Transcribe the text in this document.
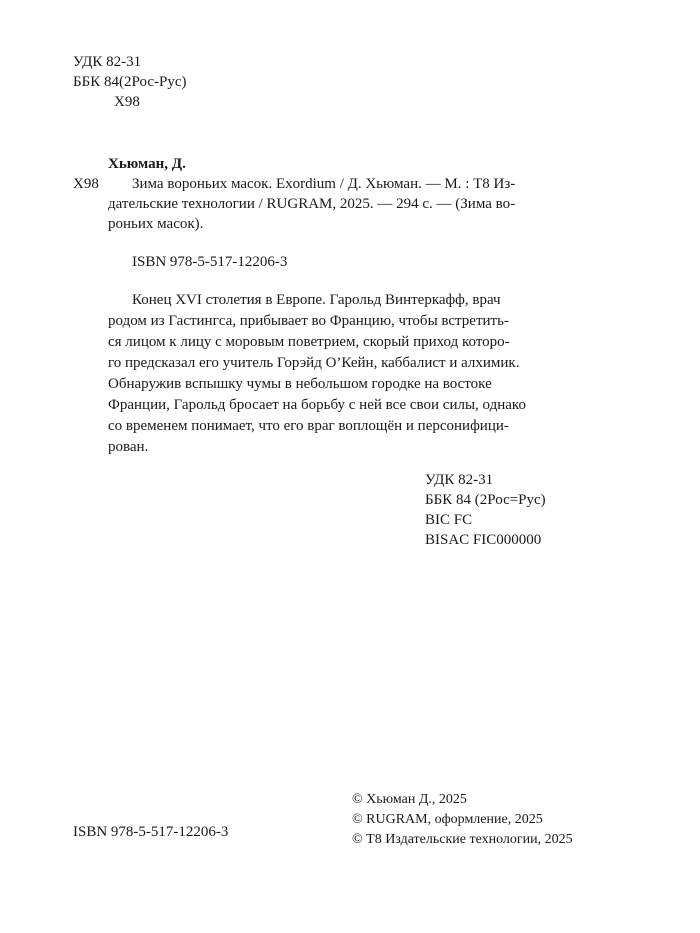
УДК 82-31
ББК 84(2Рос-Рус)
Х98
Хьюман, Д.
Х98 Зима вороньих масок. Exordium / Д. Хьюман. — М. : Т8 Из-
дательские технологии / RUGRAM, 2025. — 294 с. — (Зима во-
роньих масок).
ISBN 978-5-517-12206-3
Конец XVI столетия в Европе. Гарольд Винтеркафф, врач
родом из Гастингса, прибывает во Францию, чтобы встретить-
ся лицом к лицу с моровым поветрием, скорый приход которо-
го предсказал его учитель Горэйд О’Кейн, каббалист и алхимик.
Обнаружив вспышку чумы в небольшом городке на востоке
Франции, Гарольд бросает на борьбу с ней все свои силы, однако
со временем понимает, что его враг воплощён и персонифици-
рован.
УДК 82-31
ББК 84 (2Рос=Рус)
BIC FC
BISAC FIC000000
ISBN 978-5-517-12206-3
© Хьюман Д., 2025
© RUGRAM, оформление, 2025
© Т8 Издательские технологии, 2025
